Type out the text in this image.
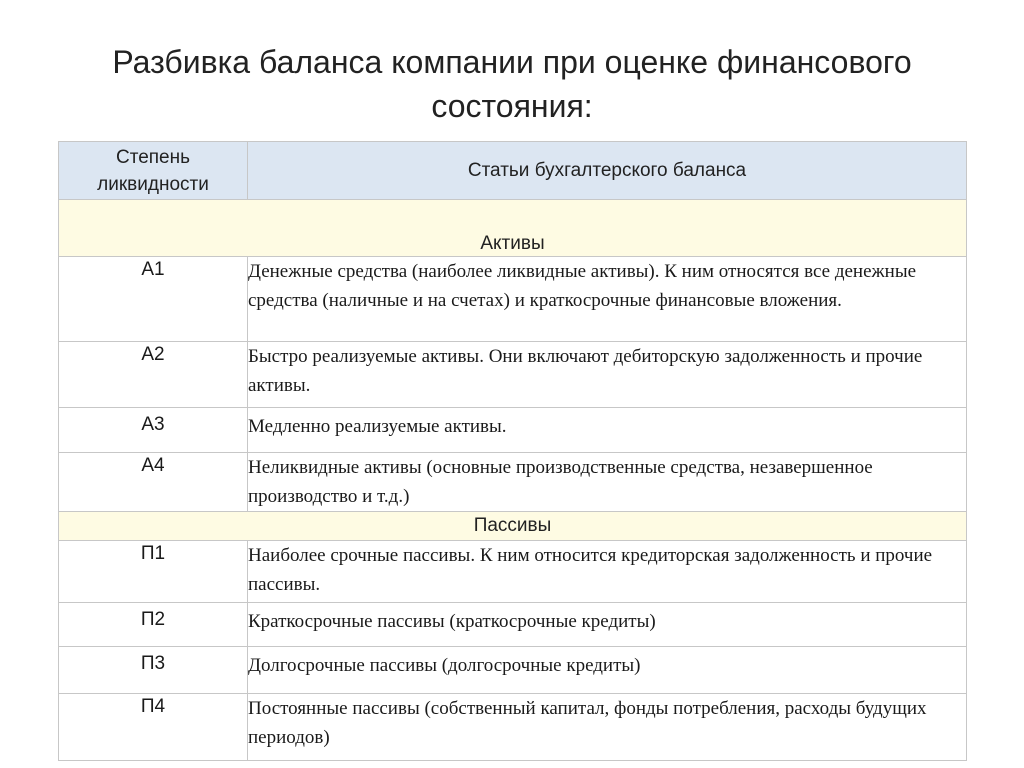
Разбивка баланса компании при оценке финансового
состояния:
Степень
ликвидности	Статьи бухгалтерского баланса
Активы	
А1	Денежные средства (наиболее ликвидные активы). К ним относятся все денежные средства (наличные и на счетах) и краткосрочные финансовые вложения.
А2	Быстро реализуемые активы. Они включают дебиторскую задолженность и прочие активы.
А3	Медленно реализуемые активы.
А4	Неликвидные активы (основные производственные средства, незавершенное производство и т.д.)
Пассивы	
П1	Наиболее срочные пассивы. К ним относится кредиторская задолженность и прочие пассивы.
П2	Краткосрочные пассивы (краткосрочные кредиты)
П3	Долгосрочные пассивы (долгосрочные кредиты)
П4	Постоянные пассивы (собственный капитал, фонды потребления, расходы будущих периодов)
